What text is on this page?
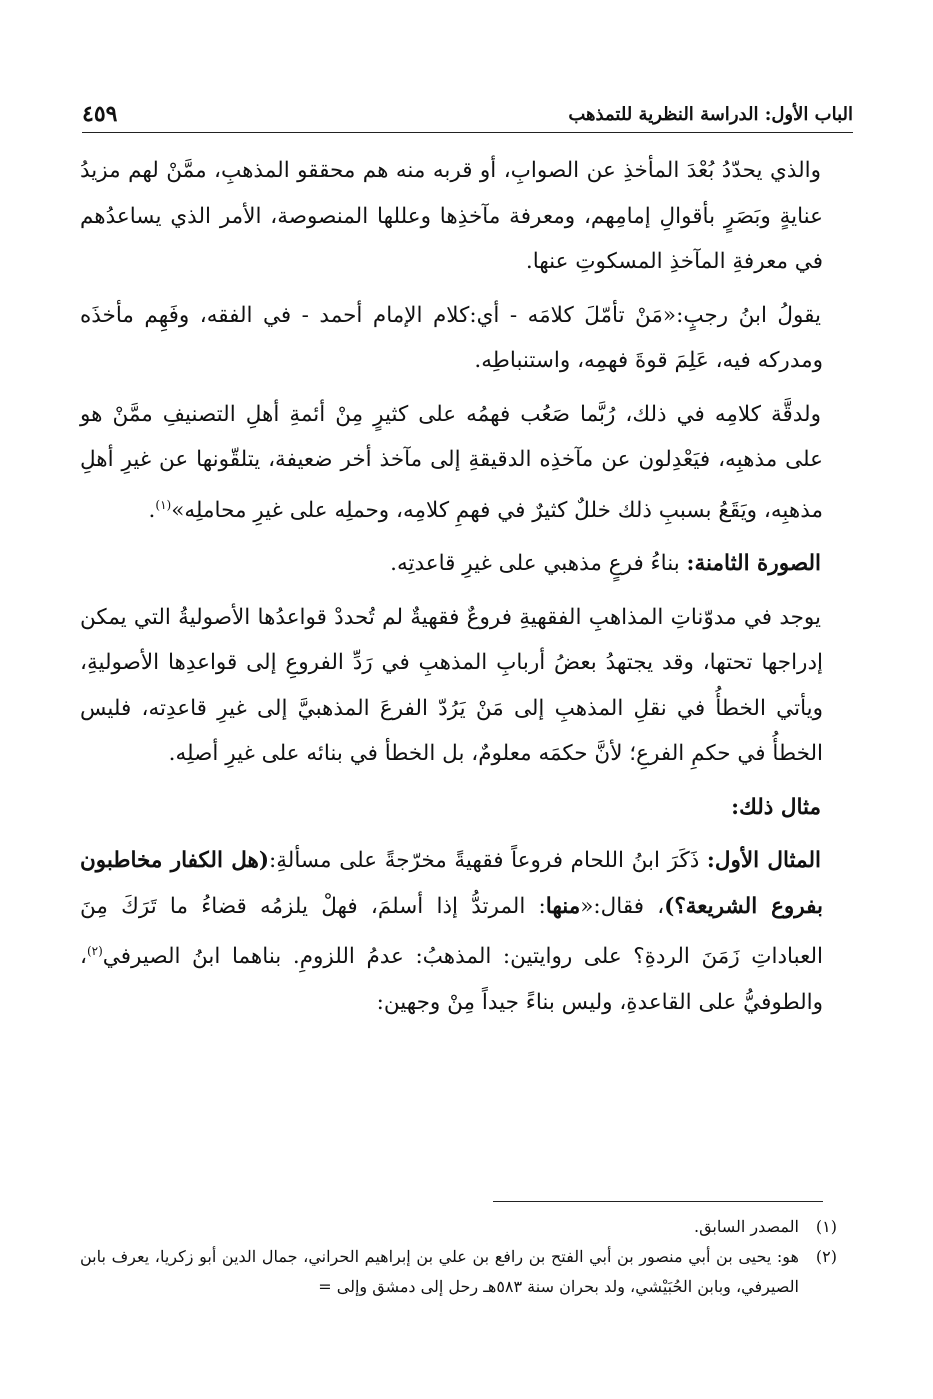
الباب الأول: الدراسة النظرية للتمذهب
٤٥٩

والذي يحدّدُ بُعْدَ المأخذِ عن الصوابِ، أو قربه منه هم محققو المذهبِ، ممَّنْ لهم مزيدُ عنايةٍ وبَصَرٍ بأقوالِ إمامِهم، ومعرفة مآخذِها وعللها المنصوصة، الأمر الذي يساعدُهم في معرفةِ المآخذِ المسكوتِ عنها.

يقولُ ابنُ رجبٍ:«مَنْ تأمّلَ كلامَه - أي:كلام الإمام أحمد - في الفقه، وفَهِم مأخذَه ومدركه فيه، عَلِمَ قوةَ فهمِه، واستنباطِه.

ولدقَّة كلامِه في ذلك، رُبَّما صَعُب فهمُه على كثيرٍ مِنْ أئمةِ أهلِ التصنيفِ ممَّنْ هو على مذهبِه، فيَعْدِلون عن مآخذِه الدقيقةِ إلى مآخذ أخر ضعيفة، يتلقّونها عن غيرِ أهلِ مذهبِه، ويَقَعُ بسببِ ذلك خللٌ كثيرٌ في فهمِ كلامِه، وحملِه على غيرِ محاملِه»$^{(١)}$.

الصورة الثامنة: بناءُ فرعٍ مذهبي على غيرِ قاعدتِه.

يوجد في مدوّناتِ المذاهبِ الفقهيةِ فروعٌ فقهيةٌ لم تُحددْ قواعدُها الأصوليةُ التي يمكن إدراجها تحتها، وقد يجتهدُ بعضُ أربابِ المذهبِ في رَدِّ الفروعِ إلى قواعدِها الأصوليةِ، ويأتي الخطأُ في نقلِ المذهبِ إلى مَنْ يَرُدّ الفرعَ المذهبيَّ إلى غيرِ قاعدِته، فليس الخطأُ في حكمِ الفرعِ؛ لأنَّ حكمَه معلومٌ، بل الخطأ في بنائه على غيرِ أصلِه.

مثال ذلك:

المثال الأول: ذَكَرَ ابنُ اللحام فروعاً فقهيةً مخرّجةً على مسألةِ:(هل الكفار مخاطبون بفروع الشريعة؟)، فقال:«منها: المرتدُّ إذا أسلمَ، فهلْ يلزمُه قضاءُ ما تَرَكَ مِنَ العباداتِ زَمَنَ الردةِ؟ على روايتين: المذهبُ: عدمُ اللزومِ. بناهما ابنُ الصيرفي$^{(٢)}$، والطوفيُّ على القاعدةِ، وليس بناءً جيداً مِنْ وجهين:

(١)
المصدر السابق.
(٢)
هو: يحيى بن أبي منصور بن أبي الفتح بن رافع بن علي بن إبراهيم الحراني، جمال الدين أبو زكريا، يعرف بابن الصيرفي، وبابن الحُبَيْشي، ولد بحران سنة ٥٨٣هـ رحل إلى دمشق وإلى =
